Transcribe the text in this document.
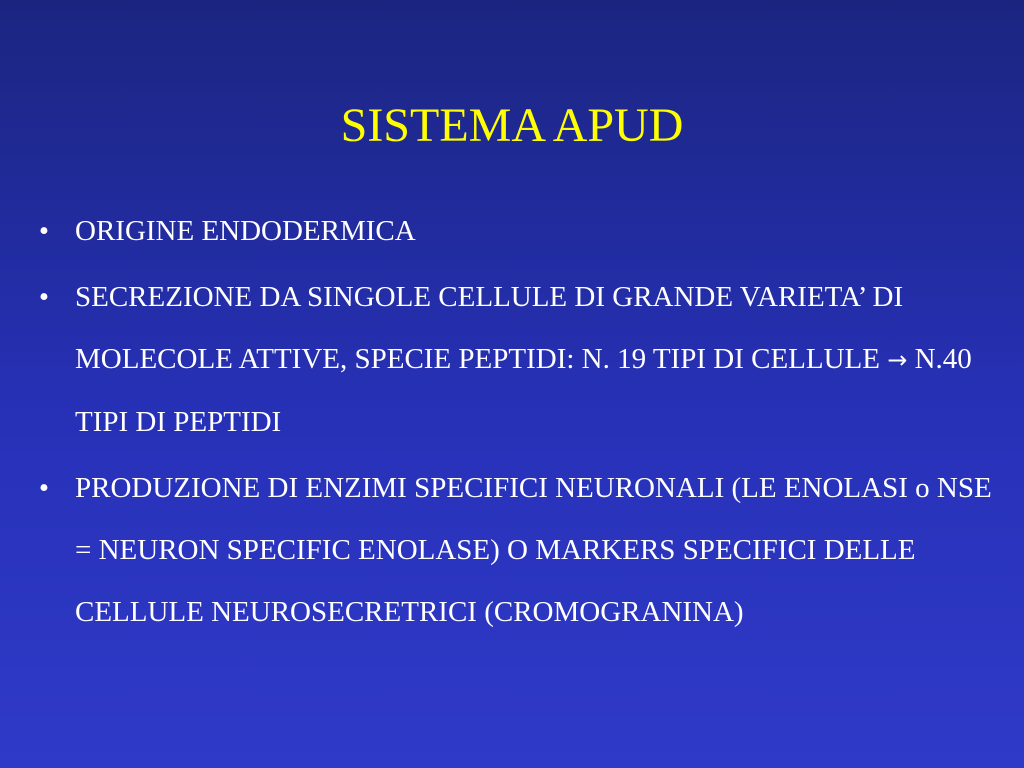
SISTEMA APUD
• ORIGINE ENDODERMICA
• SECREZIONE DA SINGOLE CELLULE DI GRANDE VARIETA’ DI MOLECOLE ATTIVE, SPECIE PEPTIDI: N. 19 TIPI DI CELLULE → N.40 TIPI DI PEPTIDI
• PRODUZIONE DI ENZIMI SPECIFICI NEURONALI (LE ENOLASI o NSE = NEURON SPECIFIC ENOLASE) O MARKERS SPECIFICI DELLE CELLULE NEUROSECRETRICI (CROMOGRANINA)
